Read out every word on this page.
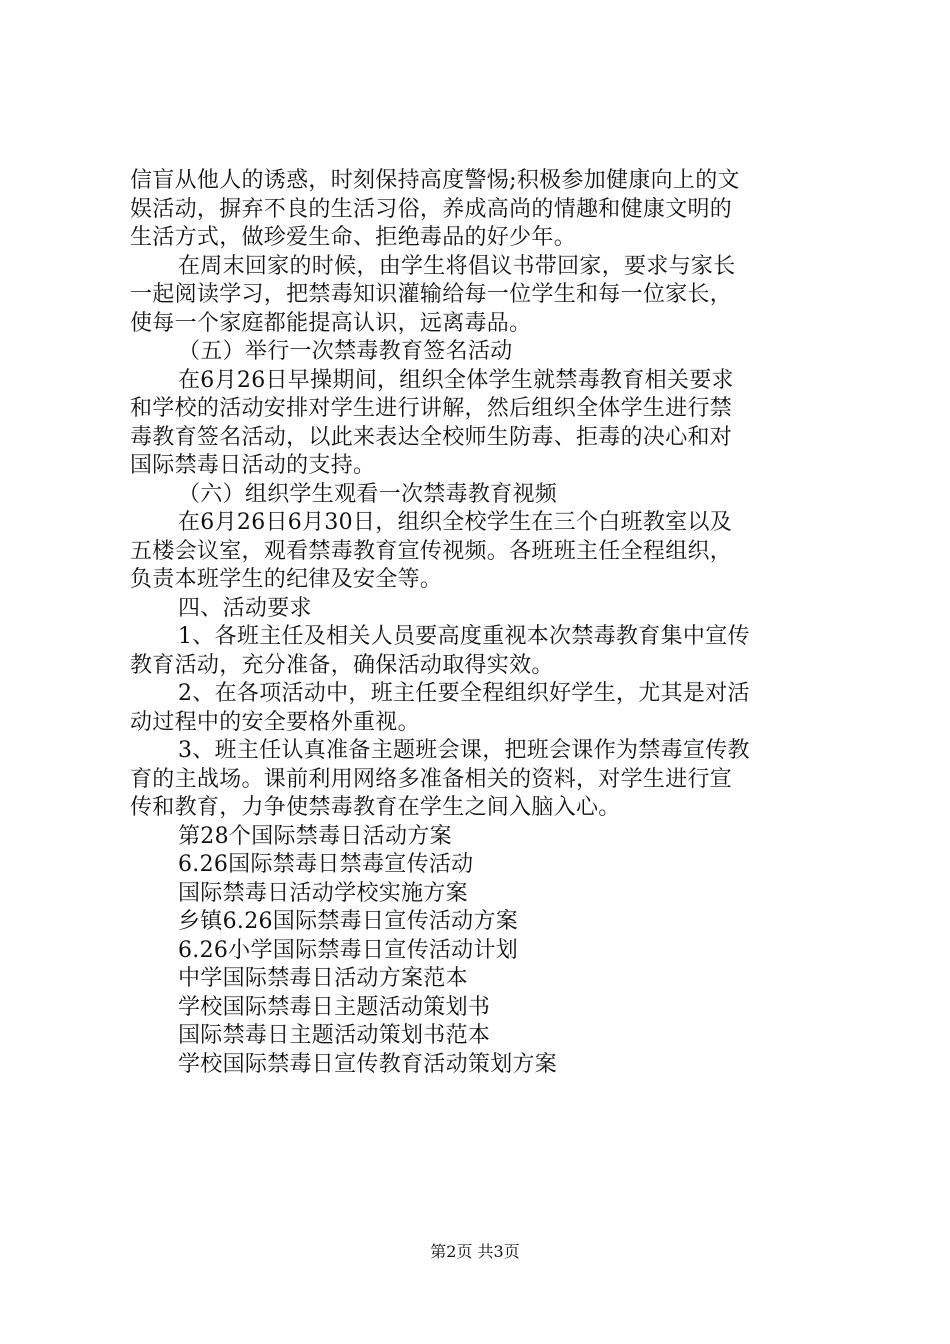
信盲从他人的诱惑，时刻保持高度警惕;积极参加健康向上的文
娱活动，摒弃不良的生活习俗，养成高尚的情趣和健康文明的
生活方式，做珍爱生命、拒绝毒品的好少年。
在周末回家的时候，由学生将倡议书带回家，要求与家长
一起阅读学习，把禁毒知识灌输给每一位学生和每一位家长，
使每一个家庭都能提高认识，远离毒品。
（五）举行一次禁毒教育签名活动
在6月26日早操期间，组织全体学生就禁毒教育相关要求
和学校的活动安排对学生进行讲解，然后组织全体学生进行禁
毒教育签名活动，以此来表达全校师生防毒、拒毒的决心和对
国际禁毒日活动的支持。
（六）组织学生观看一次禁毒教育视频
在6月26日6月30日，组织全校学生在三个白班教室以及
五楼会议室，观看禁毒教育宣传视频。各班班主任全程组织，
负责本班学生的纪律及安全等。
四、活动要求
1、各班主任及相关人员要高度重视本次禁毒教育集中宣传
教育活动，充分准备，确保活动取得实效。
2、在各项活动中，班主任要全程组织好学生，尤其是对活
动过程中的安全要格外重视。
3、班主任认真准备主题班会课，把班会课作为禁毒宣传教
育的主战场。课前利用网络多准备相关的资料，对学生进行宣
传和教育，力争使禁毒教育在学生之间入脑入心。
第28个国际禁毒日活动方案
6.26国际禁毒日禁毒宣传活动
国际禁毒日活动学校实施方案
乡镇6.26国际禁毒日宣传活动方案
6.26小学国际禁毒日宣传活动计划
中学国际禁毒日活动方案范本
学校国际禁毒日主题活动策划书
国际禁毒日主题活动策划书范本
学校国际禁毒日宣传教育活动策划方案
第2页 共3页
